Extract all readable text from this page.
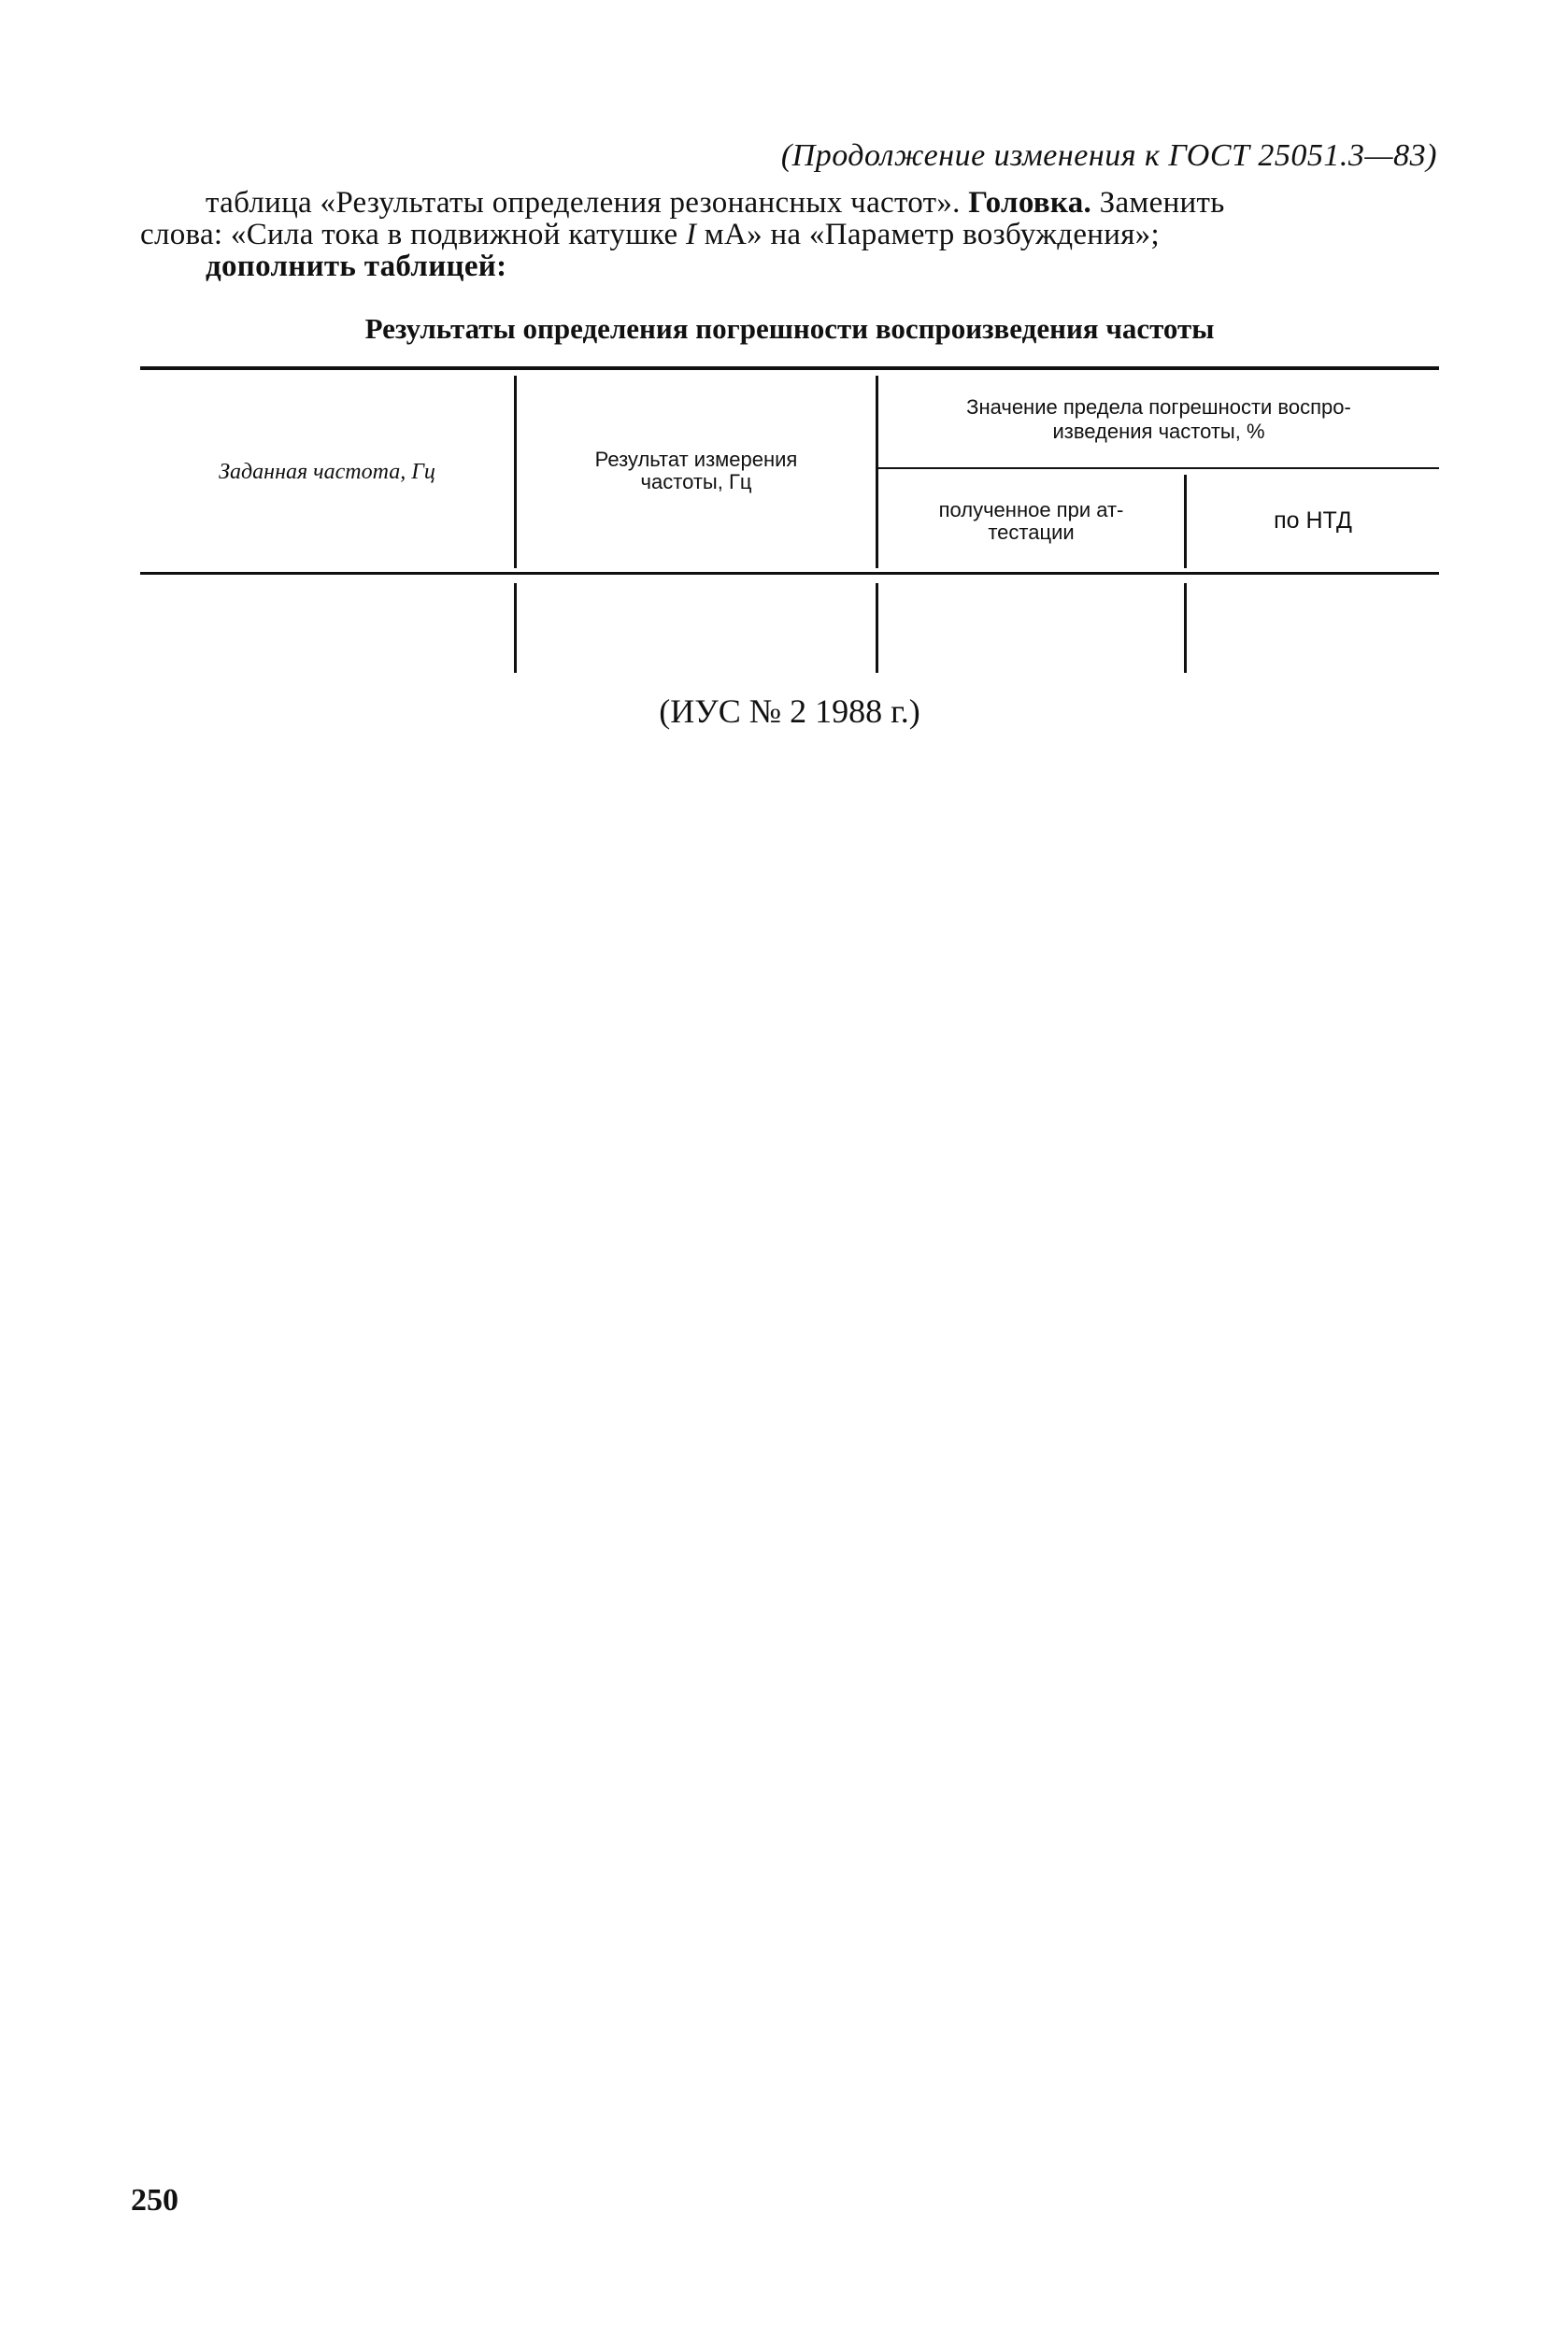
(Продолжение изменения к ГОСТ 25051.3—83)
таблица «Результаты определения резонансных частот». Головка. Заменить
слова: «Сила тока в подвижной катушке I мА» на «Параметр возбуждения»;
дополнить таблицей:
Результаты определения погрешности воспроизведения частоты
Заданная частота, Гц
Результат измерения
частоты, Гц
Значение предела погрешности воспро-
изведения частоты, %
полученное при ат-
тестации	по НТД
(ИУС № 2 1988 г.)
250
